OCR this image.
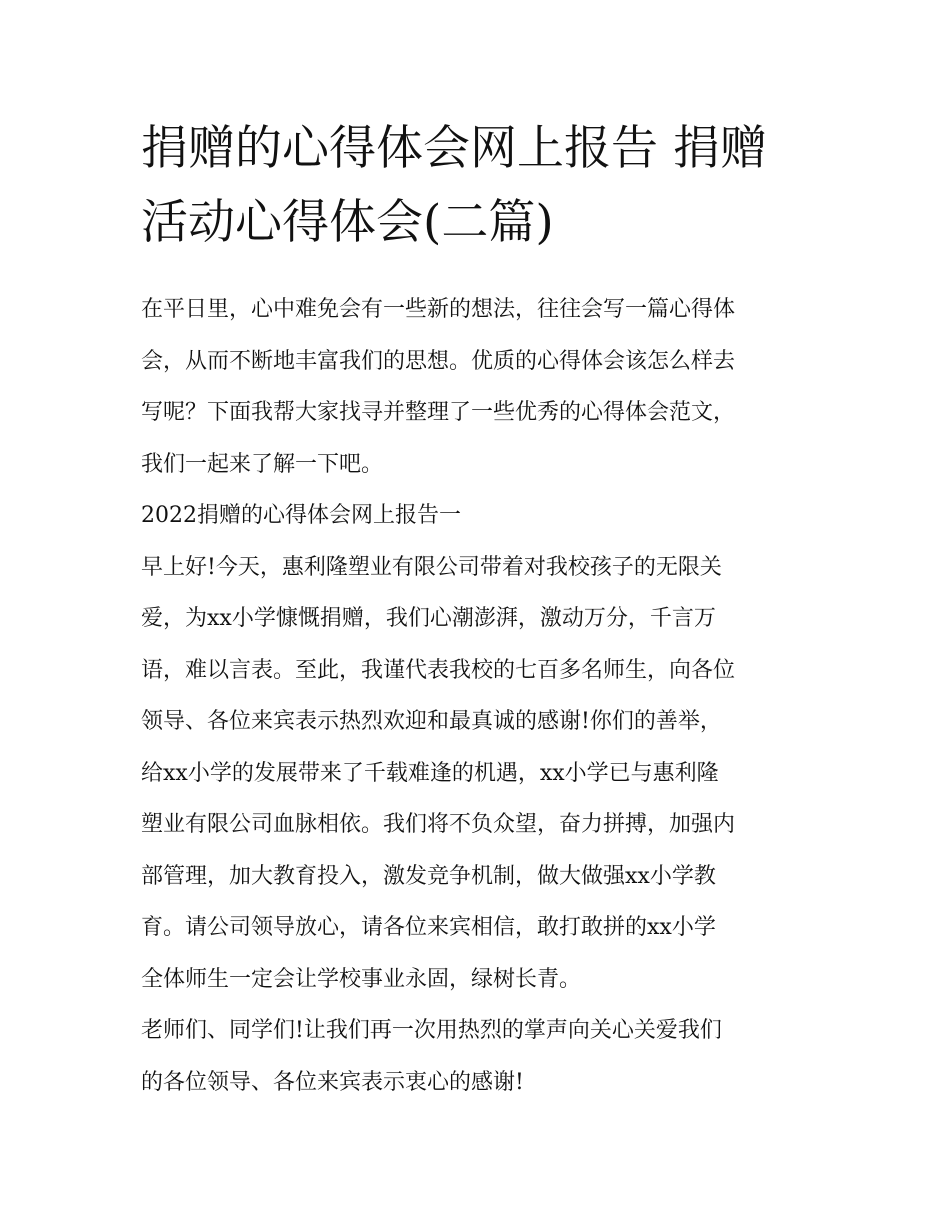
捐赠的心得体会网上报告 捐赠
活动心得体会(二篇)

在平日里，心中难免会有一些新的想法，往往会写一篇心得体
会，从而不断地丰富我们的思想。优质的心得体会该怎么样去
写呢？下面我帮大家找寻并整理了一些优秀的心得体会范文，
我们一起来了解一下吧。

2022捐赠的心得体会网上报告一

早上好!今天，惠利隆塑业有限公司带着对我校孩子的无限关
爱，为xx小学慷慨捐赠，我们心潮澎湃，激动万分，千言万
语，难以言表。至此，我谨代表我校的七百多名师生，向各位
领导、各位来宾表示热烈欢迎和最真诚的感谢!你们的善举，
给xx小学的发展带来了千载难逢的机遇，xx小学已与惠利隆
塑业有限公司血脉相依。我们将不负众望，奋力拼搏，加强内
部管理，加大教育投入，激发竞争机制，做大做强xx小学教
育。请公司领导放心，请各位来宾相信，敢打敢拼的xx小学
全体师生一定会让学校事业永固，绿树长青。

老师们、同学们!让我们再一次用热烈的掌声向关心关爱我们
的各位领导、各位来宾表示衷心的感谢!
